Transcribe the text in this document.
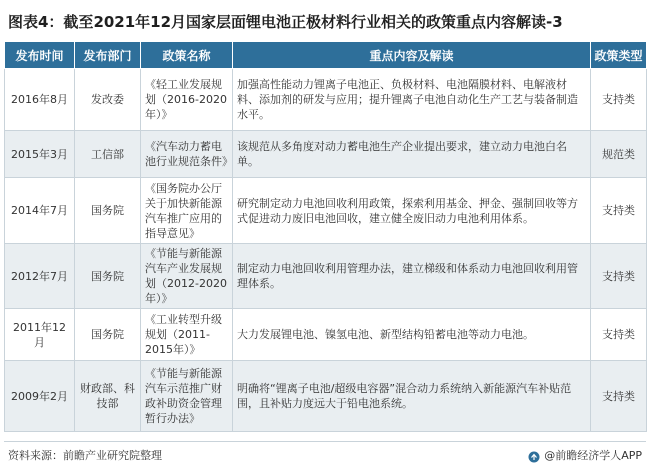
图表4：截至2021年12月国家层面锂电池正极材料行业相关的政策重点内容解读-3
发布时间	发布部门	政策名称	重点内容及解读	政策类型
2016年8月	发改委	《轻工业发展规划（2016-2020年）》	加强高性能动力锂离子电池正、负极材料、电池隔膜材料、电解液材料、添加剂的研发与应用；提升锂离子电池自动化生产工艺与装备制造水平。	支持类
2015年3月	工信部	《汽车动力蓄电池行业规范条件》	该规范从多角度对动力蓄电池生产企业提出要求，建立动力电池白名单。	规范类
2014年7月	国务院	《国务院办公厅关于加快新能源汽车推广应用的指导意见》	研究制定动力电池回收利用政策，探索利用基金、押金、强制回收等方式促进动力废旧电池回收，建立健全废旧动力电池利用体系。	支持类
2012年7月	国务院	《节能与新能源汽车产业发展规划（2012-2020年）》	制定动力电池回收利用管理办法，建立梯级和体系动力电池回收利用管理体系。	支持类
2011年12月	国务院	《工业转型升级规划（2011-2015年）》	大力发展锂电池、镍氢电池、新型结构铅蓄电池等动力电池。	支持类
2009年2月	财政部、科技部	《节能与新能源汽车示范推广财政补助资金管理暂行办法》	明确将“锂离子电池/超级电容器”混合动力系统纳入新能源汽车补贴范围，且补贴力度远大于铅电池系统。	支持类
资料来源：前瞻产业研究院整理	@前瞻经济学人APP
